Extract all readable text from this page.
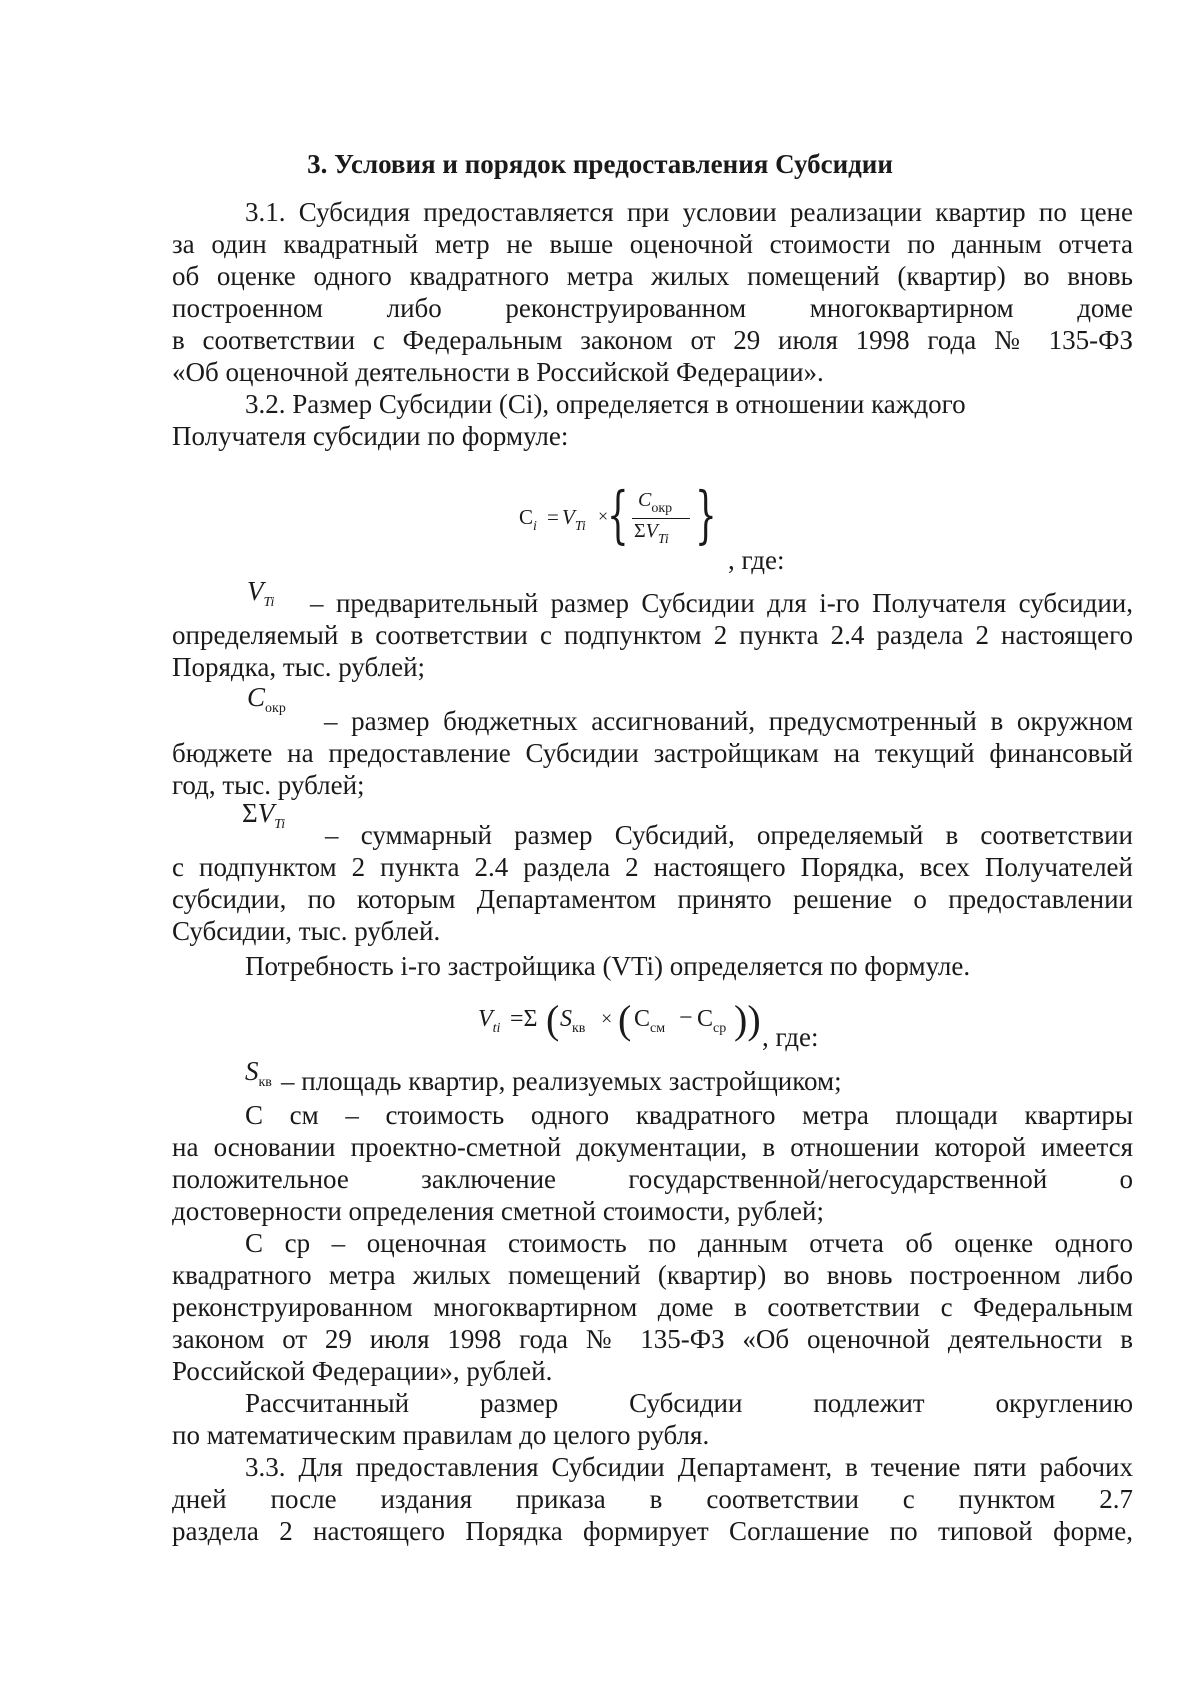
3. Условия и порядок предоставления Субсидии

3.1. Субсидия предоставляется при условии реализации квартир по цене

за один квадратный метр не выше оценочной стоимости по данным отчета

об оценке одного квадратного метра жилых помещений (квартир) во вновь

построенном либо реконструированном многоквартирном доме

в соответствии с Федеральным законом от 29 июля 1998 года № 135-ФЗ

«Об оценочной деятельности в Российской Федерации».

3.2. Размер Субсидии (Ci), определяется в отношении каждого

Получателя субсидии по формуле:

$C_i = V_{Ti}$
×
{ $C_{окр}$
$\Sigma V_{Ti}$ }
, где:
$V_{Ti}$	– предварительный размер Субсидии для i-го Получателя субсидии,

определяемый в соответствии с подпунктом 2 пункта 2.4 раздела 2 настоящего

Порядка, тыс. рублей;

$C_{окр}$	– размер бюджетных ассигнований, предусмотренный в окружном

бюджете на предоставление Субсидии застройщикам на текущий финансовый

год, тыс. рублей;

$\Sigma V_{Ti}$	– суммарный размер Субсидий, определяемый в соответствии

с подпунктом 2 пункта 2.4 раздела 2 настоящего Порядка, всех Получателей

субсидии, по которым Департаментом принято решение о предоставлении

Субсидии, тыс. рублей.

Потребность i-го застройщика (VTi) определяется по формуле.

$V_{ti} =\Sigma$ ( $S_{кв}$ × ( $С_{см} - С_{ср}$ )) , где:
$S_{кв}$ – площадь квартир, реализуемых застройщиком;

С см – стоимость одного квадратного метра площади квартиры

на основании проектно-сметной документации, в отношении которой имеется

положительное заключение государственной/негосударственной о

достоверности определения сметной стоимости, рублей;

С ср – оценочная стоимость по данным отчета об оценке одного

квадратного метра жилых помещений (квартир) во вновь построенном либо

реконструированном многоквартирном доме в соответствии с Федеральным

законом от 29 июля 1998 года № 135-ФЗ «Об оценочной деятельности в

Российской Федерации», рублей.

Рассчитанный размер Субсидии подлежит округлению

по математическим правилам до целого рубля.

3.3. Для предоставления Субсидии Департамент, в течение пяти рабочих

дней после издания приказа в соответствии с пунктом 2.7

раздела 2 настоящего Порядка формирует Соглашение по типовой форме,
